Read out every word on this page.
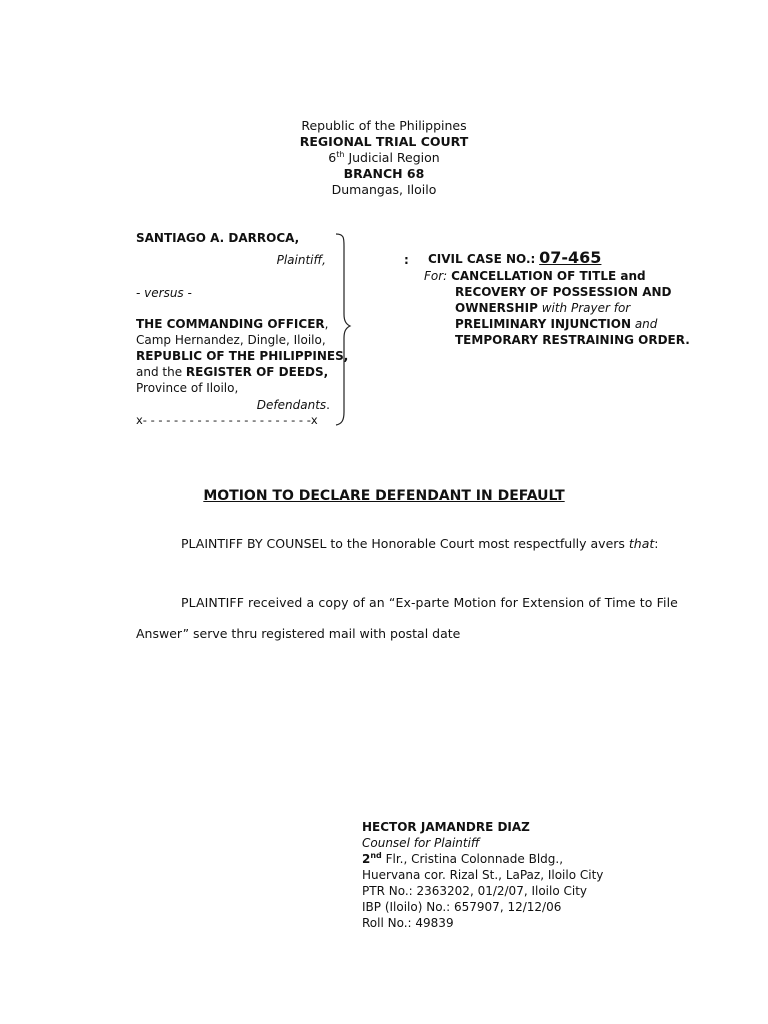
Republic of the Philippines
REGIONAL TRIAL COURT
6th Judicial Region
BRANCH 68
Dumangas, Iloilo
SANTIAGO A. DARROCA,
Plaintiff,
- versus -
THE COMMANDING OFFICER,
Camp Hernandez, Dingle, Iloilo,
REPUBLIC OF THE PHILIPPINES,
and the REGISTER OF DEEDS,
Province of Iloilo,
Defendants.
x- - - - - - - - - - - - - - - - - - - - - -x
: CIVIL CASE NO.: 07-465
For: CANCELLATION OF TITLE and
RECOVERY OF POSSESSION AND
OWNERSHIP with Prayer for
PRELIMINARY INJUNCTION and
TEMPORARY RESTRAINING ORDER.
MOTION TO DECLARE DEFENDANT IN DEFAULT
PLAINTIFF BY COUNSEL to the Honorable Court most respectfully avers that:
PLAINTIFF received a copy of an “Ex-parte Motion for Extension of Time to File
Answer” serve thru registered mail with postal date
HECTOR JAMANDRE DIAZ
Counsel for Plaintiff
2nd Flr., Cristina Colonnade Bldg.,
Huervana cor. Rizal St., LaPaz, Iloilo City
PTR No.: 2363202, 01/2/07, Iloilo City
IBP (Iloilo) No.: 657907, 12/12/06
Roll No.: 49839
